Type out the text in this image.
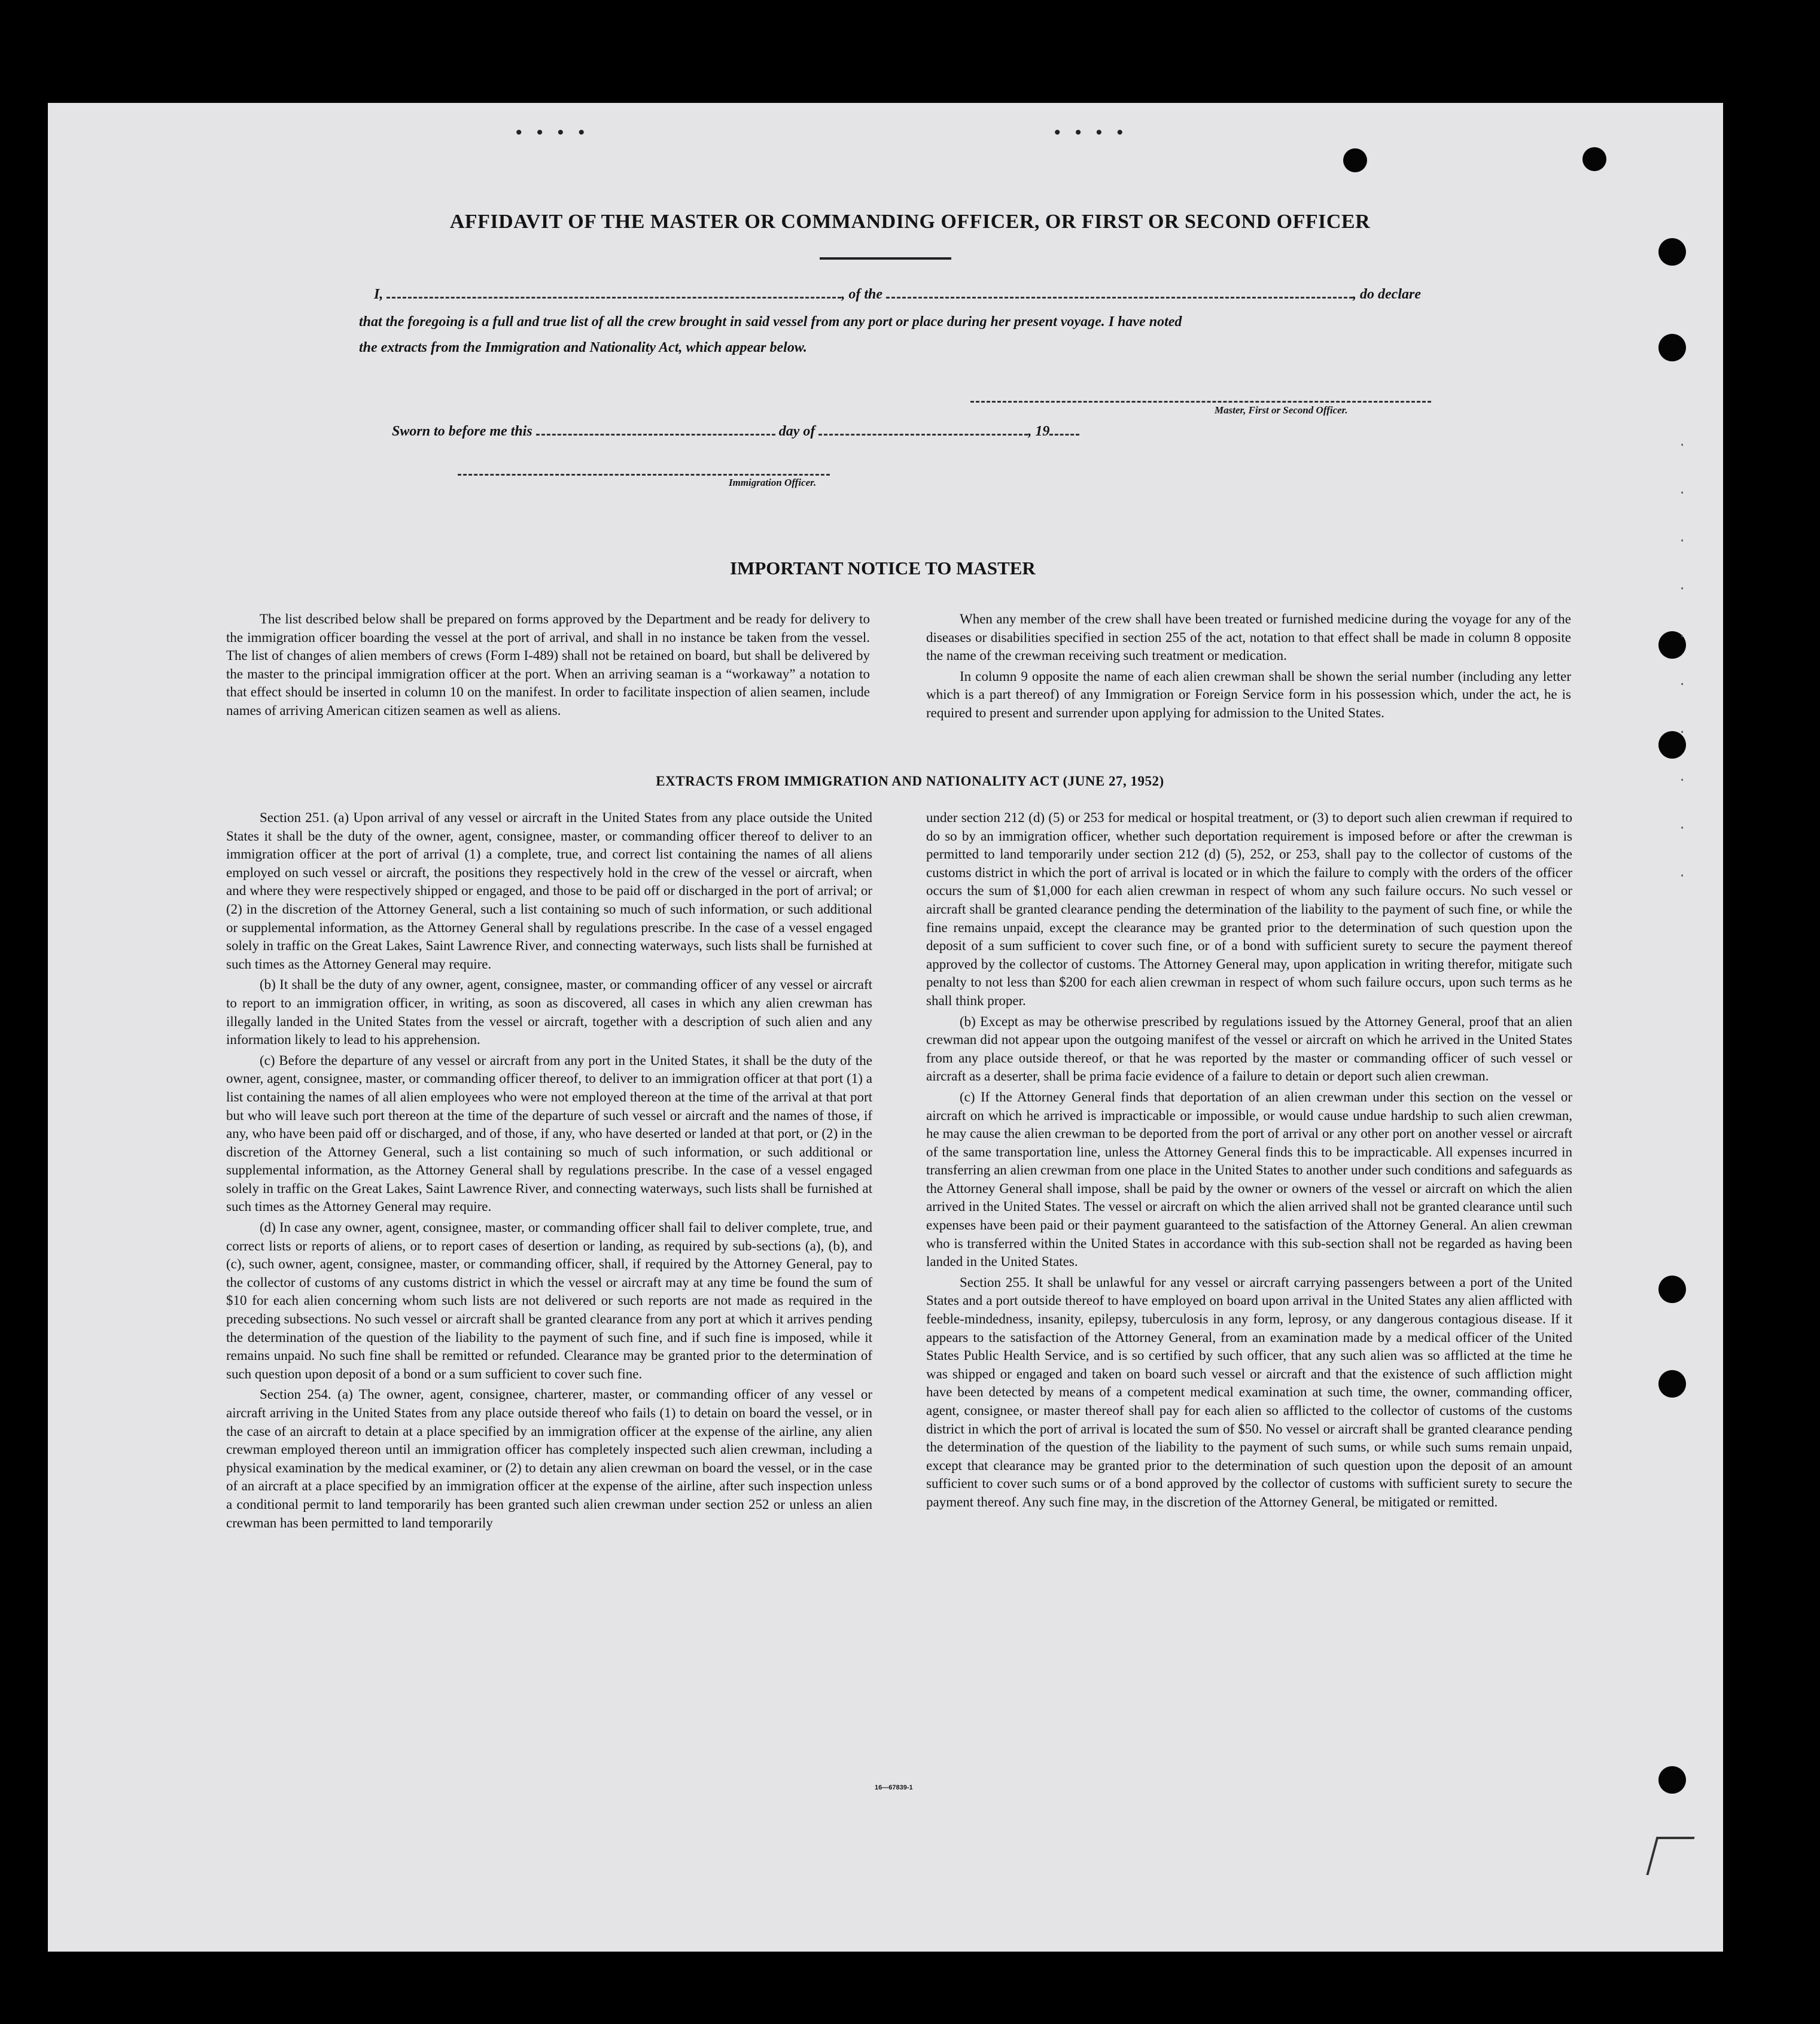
• • • •	• • • •
.
.
.
.
.
.
.
.
.
.
AFFIDAVIT OF THE MASTER OR COMMANDING OFFICER, OR FIRST OR SECOND OFFICER
I,	, of the	, do declare
that the foregoing is a full and true list of all the crew brought in said vessel from any port or place during her present voyage. I have noted
the extracts from the Immigration and Nationality Act, which appear below.
Master, First or Second Officer.
Sworn to before me this	day of	, 19
Immigration Officer.
IMPORTANT NOTICE TO MASTER

The list described below shall be prepared on forms approved by the Department and be ready for delivery to the immigration officer boarding the vessel at the port of arrival, and shall in no instance be taken from the vessel. The list of changes of alien members of crews (Form I-489) shall not be retained on board, but shall be delivered by the master to the principal immigration officer at the port. When an arriving seaman is a “workaway” a notation to that effect should be inserted in column 10 on the manifest. In order to facilitate inspection of alien seamen, include names of arriving American citizen seamen as well as aliens.

When any member of the crew shall have been treated or furnished medicine during the voyage for any of the diseases or disabilities specified in section 255 of the act, notation to that effect shall be made in column 8 opposite the name of the crewman receiving such treatment or medication.

In column 9 opposite the name of each alien crewman shall be shown the serial number (including any letter which is a part thereof) of any Immigration or Foreign Service form in his possession which, under the act, he is required to present and surrender upon applying for admission to the United States.

EXTRACTS FROM IMMIGRATION AND NATIONALITY ACT (JUNE 27, 1952)

Section 251. (a) Upon arrival of any vessel or aircraft in the United States from any place outside the United States it shall be the duty of the owner, agent, consignee, master, or commanding officer thereof to deliver to an immigration officer at the port of arrival (1) a complete, true, and correct list containing the names of all aliens employed on such vessel or aircraft, the positions they respectively hold in the crew of the vessel or aircraft, when and where they were respectively shipped or engaged, and those to be paid off or discharged in the port of arrival; or (2) in the discretion of the Attorney General, such a list containing so much of such information, or such additional or supplemental information, as the Attorney General shall by regulations prescribe. In the case of a vessel engaged solely in traffic on the Great Lakes, Saint Lawrence River, and connecting waterways, such lists shall be furnished at such times as the Attorney General may require.

(b) It shall be the duty of any owner, agent, consignee, master, or commanding officer of any vessel or aircraft to report to an immigration officer, in writing, as soon as discovered, all cases in which any alien crewman has illegally landed in the United States from the vessel or aircraft, together with a description of such alien and any information likely to lead to his apprehension.

(c) Before the departure of any vessel or aircraft from any port in the United States, it shall be the duty of the owner, agent, consignee, master, or commanding officer thereof, to deliver to an immigration officer at that port (1) a list containing the names of all alien employees who were not employed thereon at the time of the arrival at that port but who will leave such port thereon at the time of the departure of such vessel or aircraft and the names of those, if any, who have been paid off or discharged, and of those, if any, who have deserted or landed at that port, or (2) in the discretion of the Attorney General, such a list containing so much of such information, or such additional or supplemental information, as the Attorney General shall by regulations prescribe. In the case of a vessel engaged solely in traffic on the Great Lakes, Saint Lawrence River, and connecting waterways, such lists shall be furnished at such times as the Attorney General may require.

(d) In case any owner, agent, consignee, master, or commanding officer shall fail to deliver complete, true, and correct lists or reports of aliens, or to report cases of desertion or landing, as required by sub-sections (a), (b), and (c), such owner, agent, consignee, master, or commanding officer, shall, if required by the Attorney General, pay to the collector of customs of any customs district in which the vessel or aircraft may at any time be found the sum of $10 for each alien concerning whom such lists are not delivered or such reports are not made as required in the preceding subsections. No such vessel or aircraft shall be granted clearance from any port at which it arrives pending the determination of the question of the liability to the payment of such fine, and if such fine is imposed, while it remains unpaid. No such fine shall be remitted or refunded. Clearance may be granted prior to the determination of such question upon deposit of a bond or a sum sufficient to cover such fine.

Section 254. (a) The owner, agent, consignee, charterer, master, or commanding officer of any vessel or aircraft arriving in the United States from any place outside thereof who fails (1) to detain on board the vessel, or in the case of an aircraft to detain at a place specified by an immigration officer at the expense of the airline, any alien crewman employed thereon until an immigration officer has completely inspected such alien crewman, including a physical examination by the medical examiner, or (2) to detain any alien crewman on board the vessel, or in the case of an aircraft at a place specified by an immigration officer at the expense of the airline, after such inspection unless a conditional permit to land temporarily has been granted such alien crewman under section 252 or unless an alien crewman has been permitted to land temporarily

under section 212 (d) (5) or 253 for medical or hospital treatment, or (3) to deport such alien crewman if required to do so by an immigration officer, whether such deportation requirement is imposed before or after the crewman is permitted to land temporarily under section 212 (d) (5), 252, or 253, shall pay to the collector of customs of the customs district in which the port of arrival is located or in which the failure to comply with the orders of the officer occurs the sum of $1,000 for each alien crewman in respect of whom any such failure occurs. No such vessel or aircraft shall be granted clearance pending the determination of the liability to the payment of such fine, or while the fine remains unpaid, except the clearance may be granted prior to the determination of such question upon the deposit of a sum sufficient to cover such fine, or of a bond with sufficient surety to secure the payment thereof approved by the collector of customs. The Attorney General may, upon application in writing therefor, mitigate such penalty to not less than $200 for each alien crewman in respect of whom such failure occurs, upon such terms as he shall think proper.

(b) Except as may be otherwise prescribed by regulations issued by the Attorney General, proof that an alien crewman did not appear upon the outgoing manifest of the vessel or aircraft on which he arrived in the United States from any place outside thereof, or that he was reported by the master or commanding officer of such vessel or aircraft as a deserter, shall be prima facie evidence of a failure to detain or deport such alien crewman.

(c) If the Attorney General finds that deportation of an alien crewman under this section on the vessel or aircraft on which he arrived is impracticable or impossible, or would cause undue hardship to such alien crewman, he may cause the alien crewman to be deported from the port of arrival or any other port on another vessel or aircraft of the same transportation line, unless the Attorney General finds this to be impracticable. All expenses incurred in transferring an alien crewman from one place in the United States to another under such conditions and safeguards as the Attorney General shall impose, shall be paid by the owner or owners of the vessel or aircraft on which the alien arrived in the United States. The vessel or aircraft on which the alien arrived shall not be granted clearance until such expenses have been paid or their payment guaranteed to the satisfaction of the Attorney General. An alien crewman who is transferred within the United States in accordance with this sub-section shall not be regarded as having been landed in the United States.

Section 255. It shall be unlawful for any vessel or aircraft carrying passengers between a port of the United States and a port outside thereof to have employed on board upon arrival in the United States any alien afflicted with feeble-mindedness, insanity, epilepsy, tuberculosis in any form, leprosy, or any dangerous contagious disease. If it appears to the satisfaction of the Attorney General, from an examination made by a medical officer of the United States Public Health Service, and is so certified by such officer, that any such alien was so afflicted at the time he was shipped or engaged and taken on board such vessel or aircraft and that the existence of such affliction might have been detected by means of a competent medical examination at such time, the owner, commanding officer, agent, consignee, or master thereof shall pay for each alien so afflicted to the collector of customs of the customs district in which the port of arrival is located the sum of $50. No vessel or aircraft shall be granted clearance pending the determination of the question of the liability to the payment of such sums, or while such sums remain unpaid, except that clearance may be granted prior to the determination of such question upon the deposit of an amount sufficient to cover such sums or of a bond approved by the collector of customs with sufficient surety to secure the payment thereof. Any such fine may, in the discretion of the Attorney General, be mitigated or remitted.

16—67839-1
